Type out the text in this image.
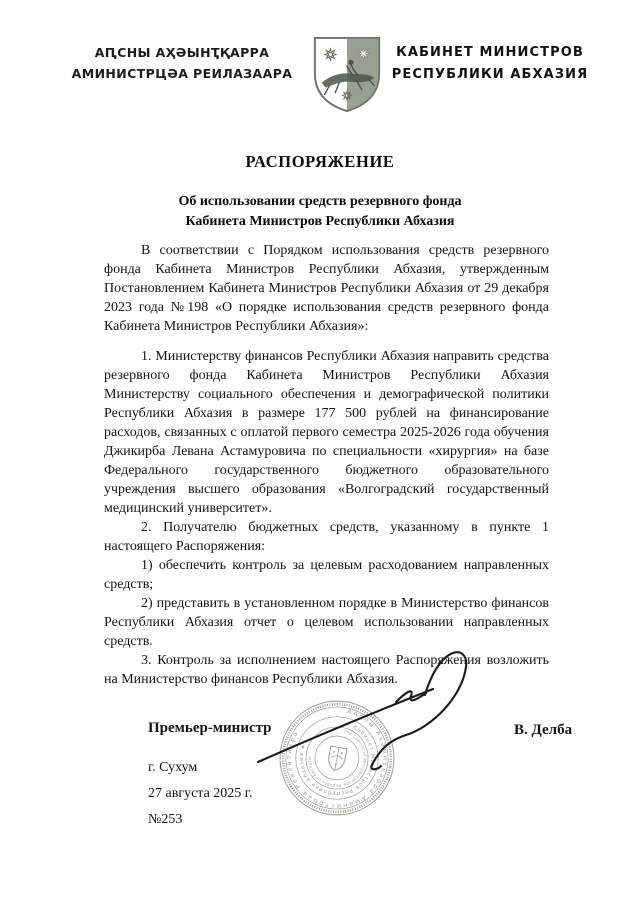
АԤСНЫ АҲӘЫНҬҚАРРА
АМИНИСТРЦӘА РЕИЛАЗААРА
КАБИНЕТ МИНИСТРОВ
РЕСПУБЛИКИ АБХАЗИЯ
РАСПОРЯЖЕНИЕ
Об использовании средств резервного фонда
Кабинета Министров Республики Абхазия

В соответствии с Порядком использования средств резервного фонда Кабинета Министров Республики Абхазия, утвержденным Постановлением Кабинета Министров Республики Абхазия от 29 декабря 2023 года №198 «О порядке использования средств резервного фонда Кабинета Министров Республики Абхазия»:

1. Министерству финансов Республики Абхазия направить средства резервного фонда Кабинета Министров Республики Абхазия Министерству социального обеспечения и демографической политики Республики Абхазия в размере 177 500 рублей на финансирование расходов, связанных с оплатой первого семестра 2025-2026 года обучения Джикирба Левана Астамуровича по специальности «хирургия» на базе Федерального государственного бюджетного образовательного учреждения высшего образования «Волгоградский государственный медицинский университет».

2. Получателю бюджетных средств, указанному в пункте 1 настоящего Распоряжения:

1) обеспечить контроль за целевым расходованием направленных средств;

2) представить в установленном порядке в Министерство финансов Республики Абхазия отчет о целевом использовании направленных средств.

3. Контроль за исполнением настоящего Распоряжения возложить на Министерство финансов Республики Абхазия.

Премьер-министр	В. Делба
г. Сухум
27 августа 2025 г.
№253
Аԥсны Аҳәынҭқарра Аминистрцәа Реилазаара
★ Кабинет Министров Республики Абхазия ★
The Cabinet of Ministers of the Republic of Abkhazia
